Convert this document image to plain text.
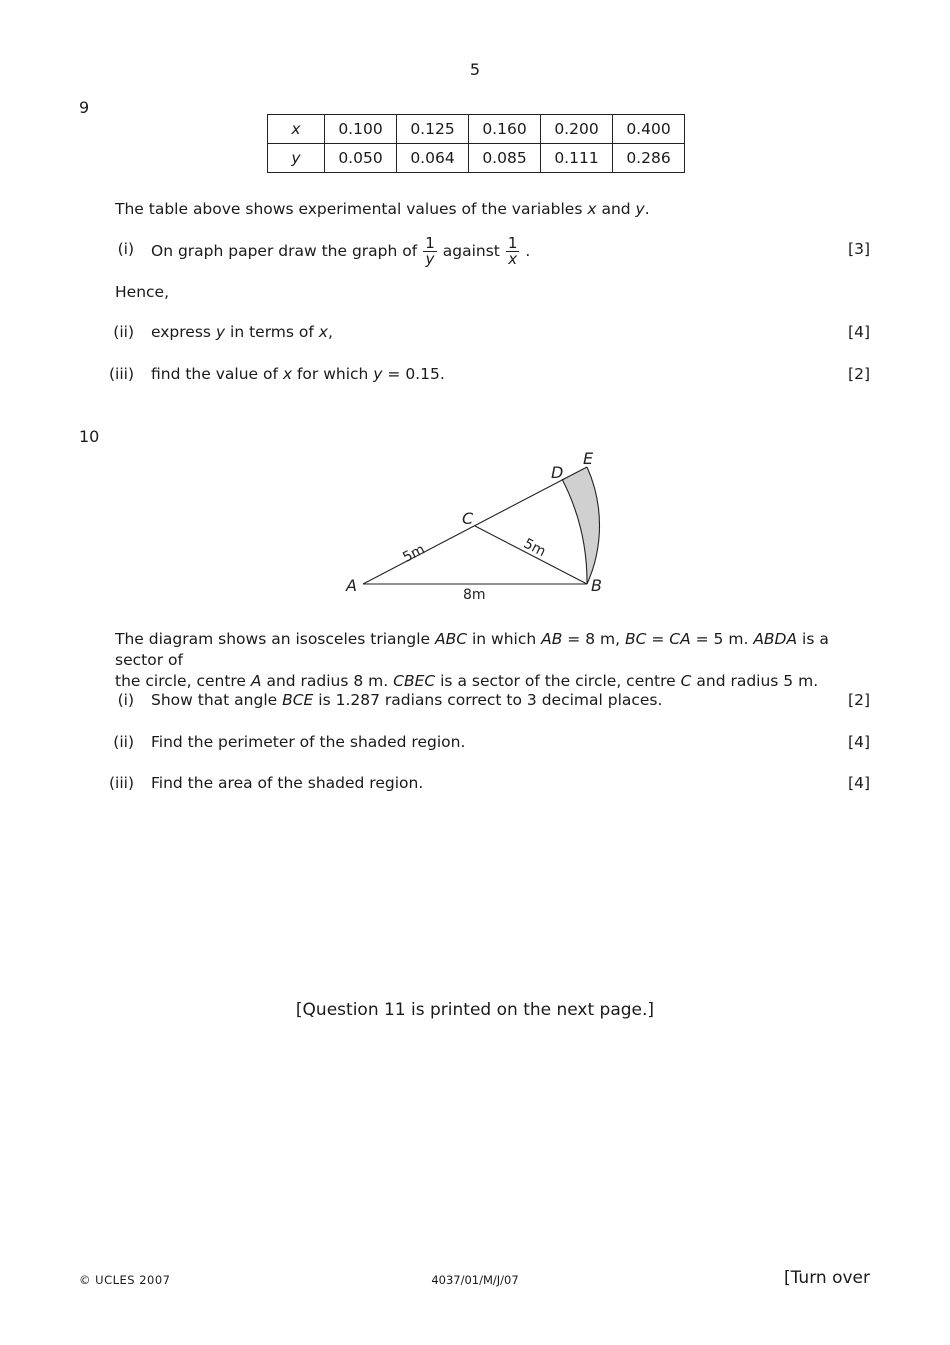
5
9
x	0.100	0.125	0.160	0.200	0.400
y	0.050	0.064	0.085	0.111	0.286
The table above shows experimental values of the variables x and y.
(i) On graph paper draw the graph of $\frac{1}{y}$ against $\frac{1}{x}$ .	[3]
Hence,
(ii) express y in terms of x,	[4]
(iii) find the value of x for which y = 0.15.	[2]
10
A	B
C
D
E
8m
5m	5m
The diagram shows an isosceles triangle ABC in which AB = 8 m, BC = CA = 5 m. ABDA is a sector of
the circle, centre A and radius 8 m. CBEC is a sector of the circle, centre C and radius 5 m.
(i) Show that angle BCE is 1.287 radians correct to 3 decimal places.	[2]
(ii) Find the perimeter of the shaded region.	[4]
(iii) Find the area of the shaded region.	[4]
[Question 11 is printed on the next page.]
© UCLES 2007	4037/01/M/J/07	[Turn over
